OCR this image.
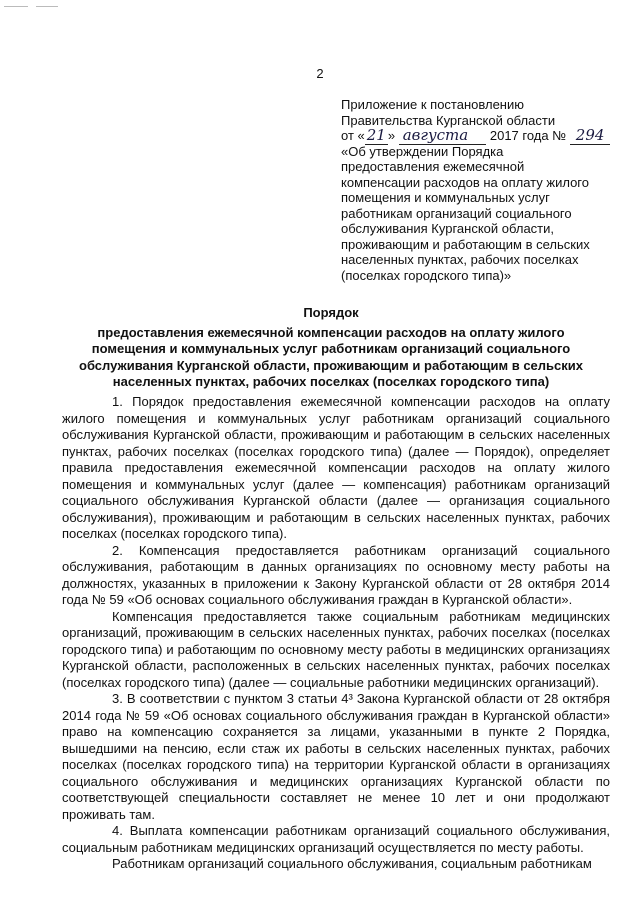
2
Приложение к постановлению
Правительства Курганской области
от « 21 » августа 2017 года № 294
«Об утверждении Порядка
предоставления ежемесячной
компенсации расходов на оплату жилого
помещения и коммунальных услуг
работникам организаций социального
обслуживания Курганской области,
проживающим и работающим в сельских
населенных пунктах, рабочих поселках
(поселках городского типа)»
Порядок
предоставления ежемесячной компенсации расходов на оплату жилого помещения и коммунальных услуг работникам организаций социального обслуживания Курганской области, проживающим и работающим в сельских населенных пунктах, рабочих поселках (поселках городского типа)

1. Порядок предоставления ежемесячной компенсации расходов на оплату жилого помещения и коммунальных услуг работникам организаций социального обслуживания Курганской области, проживающим и работающим в сельских населенных пунктах, рабочих поселках (поселках городского типа) (далее — Порядок), определяет правила предоставления ежемесячной компенсации расходов на оплату жилого помещения и коммунальных услуг (далее — компенсация) работникам организаций социального обслуживания Курганской области (далее — организация социального обслуживания), проживающим и работающим в сельских населенных пунктах, рабочих поселках (поселках городского типа).

2. Компенсация предоставляется работникам организаций социального обслуживания, работающим в данных организациях по основному месту работы на должностях, указанных в приложении к Закону Курганской области от 28 октября 2014 года № 59 «Об основах социального обслуживания граждан в Курганской области».

Компенсация предоставляется также социальным работникам медицинских организаций, проживающим в сельских населенных пунктах, рабочих поселках (поселках городского типа) и работающим по основному месту работы в медицинских организациях Курганской области, расположенных в сельских населенных пунктах, рабочих поселках (поселках городского типа) (далее — социальные работники медицинских организаций).

3. В соответствии с пунктом 3 статьи 4³ Закона Курганской области от 28 октября 2014 года № 59 «Об основах социального обслуживания граждан в Курганской области» право на компенсацию сохраняется за лицами, указанными в пункте 2 Порядка, вышедшими на пенсию, если стаж их работы в сельских населенных пунктах, рабочих поселках (поселках городского типа) на территории Курганской области в организациях социального обслуживания и медицинских организациях Курганской области по соответствующей специальности составляет не менее 10 лет и они продолжают проживать там.

4. Выплата компенсации работникам организаций социального обслуживания, социальным работникам медицинских организаций осуществляется по месту работы.

Работникам организаций социального обслуживания, социальным работникам
